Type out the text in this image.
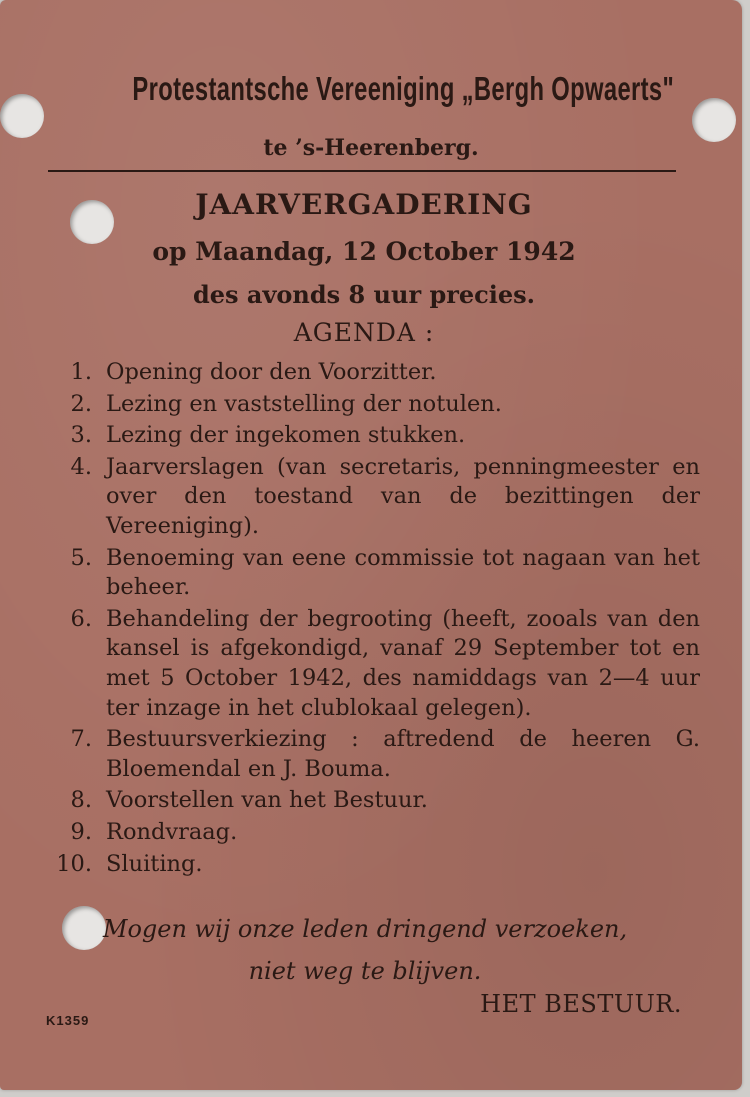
Protestantsche Vereeniging „Bergh Opwaerts"
te ’s-Heerenberg.
JAARVERGADERING
op Maandag, 12 October 1942
des avonds 8 uur precies.
AGENDA :
1. Opening door den Voorzitter.
2. Lezing en vaststelling der notulen.
3. Lezing der ingekomen stukken.
4. Jaarverslagen (van secretaris, penningmeester en over den toestand van de bezittingen der Vereeniging).
5. Benoeming van eene commissie tot nagaan van het beheer.
6. Behandeling der begrooting (heeft, zooals van den kansel is afgekondigd, vanaf 29 September tot en met 5 October 1942, des namiddags van 2—4 uur ter inzage in het clublokaal gelegen).
7. Bestuursverkiezing : aftredend de heeren G. Bloemendal en J. Bouma.
8. Voorstellen van het Bestuur.
9. Rondvraag.
10. Sluiting.
Mogen wij onze leden dringend verzoeken,
niet weg te blijven.
K1359
HET BESTUUR.
